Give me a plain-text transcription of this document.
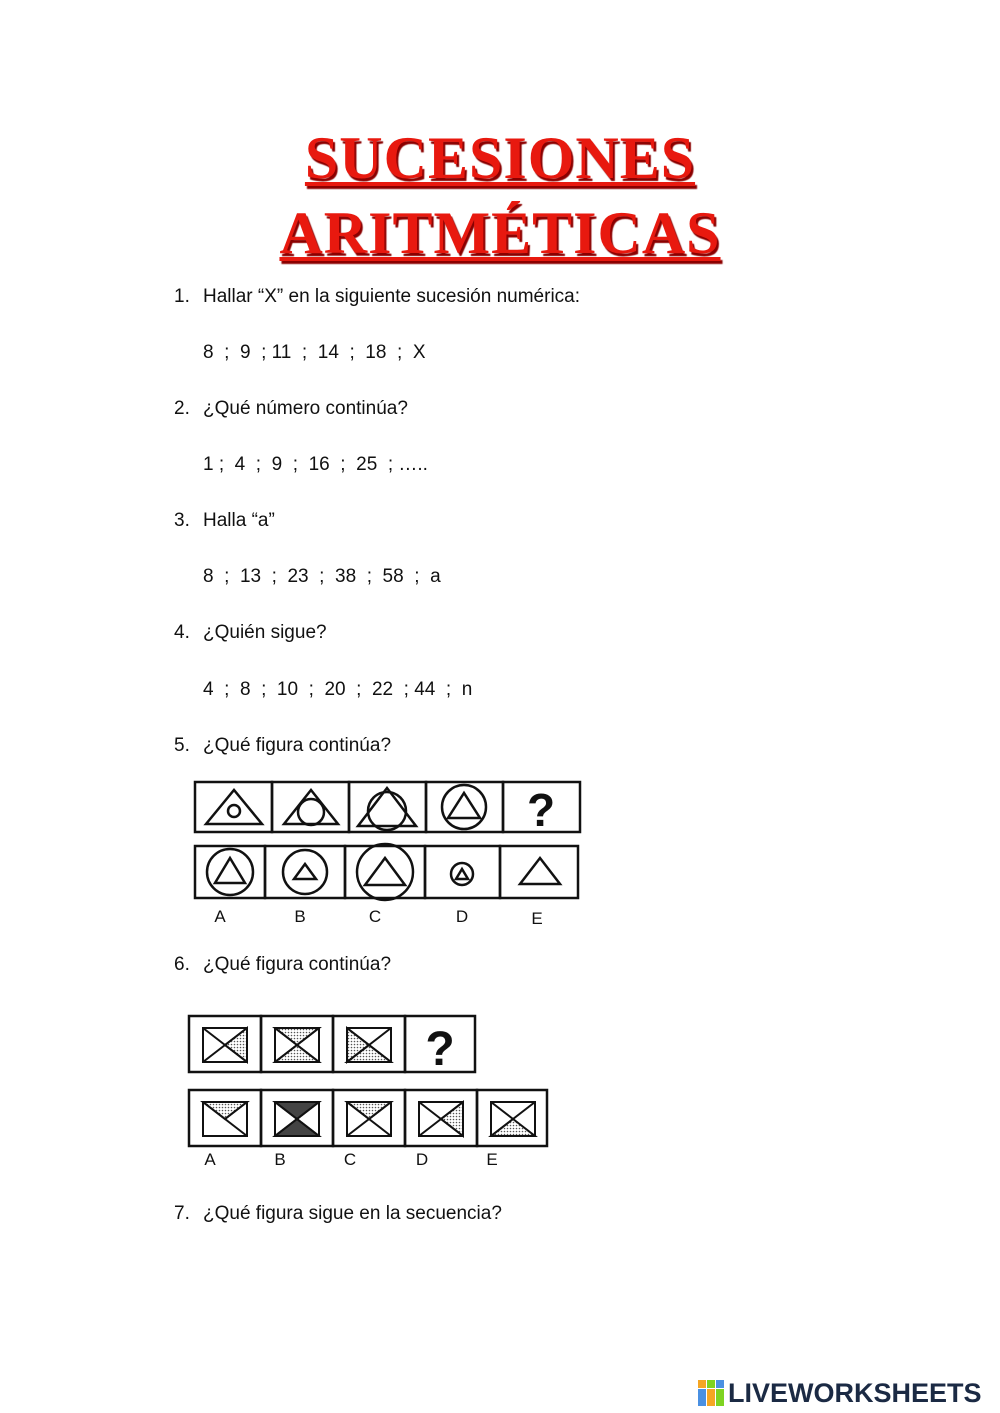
SUCESIONES
ARITMÉTICAS
1. Hallar “X” en la siguiente sucesión numérica:
8  ;  9  ; 11  ;  14  ;  18  ;  X
2. ¿Qué número continúa?
1 ;  4  ;  9  ;  16  ;  25  ; …..
3. Halla “a”
8  ;  13  ;  23  ;  38  ;  58  ;  a
4. ¿Quién sigue?
4  ;  8  ;  10  ;  20  ;  22  ; 44  ;  n
5. ¿Qué figura continúa?
?
A	B	C	D	E
6. ¿Qué figura continúa?
?
A	B	C	D	E
7. ¿Qué figura sigue en la secuencia?
LIVEWORKSHEETS
